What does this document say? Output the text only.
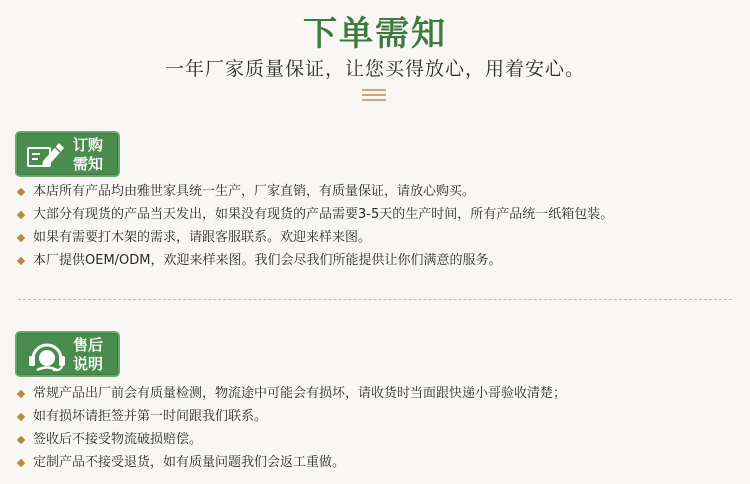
下单需知
一年厂家质量保证，让您买得放心，用着安心。
订购
需知
本店所有产品均由雅世家具统一生产，厂家直销，有质量保证，请放心购买。
大部分有现货的产品当天发出，如果没有现货的产品需要3-5天的生产时间，所有产品统一纸箱包装。
如果有需要打木架的需求，请跟客服联系。欢迎来样来图。
本厂提供OEM/ODM，欢迎来样来图。我们会尽我们所能提供让你们满意的服务。
售后
说明
常规产品出厂前会有质量检测，物流途中可能会有损坏，请收货时当面跟快递小哥验收清楚；
如有损坏请拒签并第一时间跟我们联系。
签收后不接受物流破损赔偿。
定制产品不接受退货，如有质量问题我们会返工重做。
